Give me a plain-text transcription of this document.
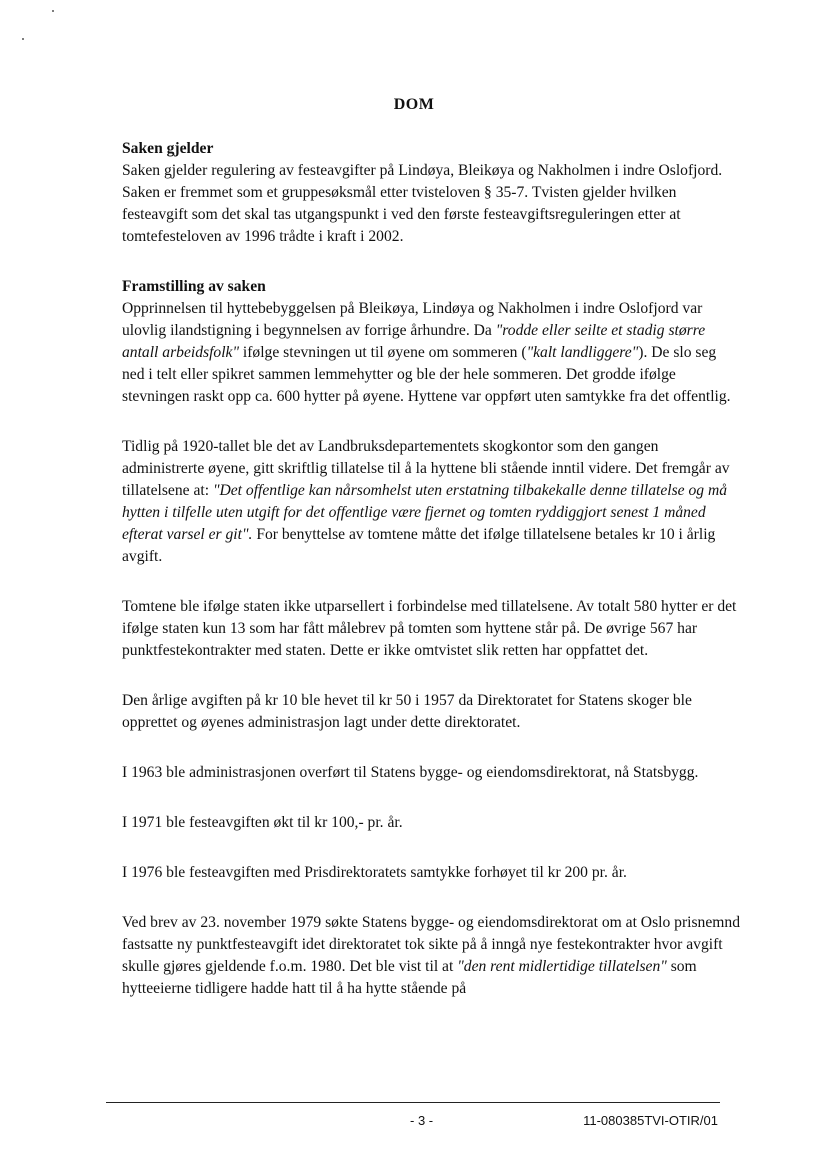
DOM

Saken gjelder

Saken gjelder regulering av festeavgifter på Lindøya, Bleikøya og Nakholmen i indre Oslofjord. Saken er fremmet som et gruppesøksmål etter tvisteloven § 35-7. Tvisten gjelder hvilken festeavgift som det skal tas utgangspunkt i ved den første festeavgiftsreguleringen etter at tomtefesteloven av 1996 trådte i kraft i 2002.

Framstilling av saken

Opprinnelsen til hyttebebyggelsen på Bleikøya, Lindøya og Nakholmen i indre Oslofjord var ulovlig ilandstigning i begynnelsen av forrige århundre. Da "rodde eller seilte et stadig større antall arbeidsfolk" ifølge stevningen ut til øyene om sommeren ("kalt landliggere"). De slo seg ned i telt eller spikret sammen lemmehytter og ble der hele sommeren. Det grodde ifølge stevningen raskt opp ca. 600 hytter på øyene. Hyttene var oppført uten samtykke fra det offentlig.

Tidlig på 1920-tallet ble det av Landbruksdepartementets skogkontor som den gangen administrerte øyene, gitt skriftlig tillatelse til å la hyttene bli stående inntil videre. Det fremgår av tillatelsene at: "Det offentlige kan nårsomhelst uten erstatning tilbakekalle denne tillatelse og må hytten i tilfelle uten utgift for det offentlige være fjernet og tomten ryddiggjort senest 1 måned efterat varsel er git". For benyttelse av tomtene måtte det ifølge tillatelsene betales kr 10 i årlig avgift.

Tomtene ble ifølge staten ikke utparsellert i forbindelse med tillatelsene. Av totalt 580 hytter er det ifølge staten kun 13 som har fått målebrev på tomten som hyttene står på. De øvrige 567 har punktfestekontrakter med staten. Dette er ikke omtvistet slik retten har oppfattet det.

Den årlige avgiften på kr 10 ble hevet til kr 50 i 1957 da Direktoratet for Statens skoger ble opprettet og øyenes administrasjon lagt under dette direktoratet.

I 1963 ble administrasjonen overført til Statens bygge- og eiendomsdirektorat, nå Statsbygg.

I 1971 ble festeavgiften økt til kr 100,- pr. år.

I 1976 ble festeavgiften med Prisdirektoratets samtykke forhøyet til kr 200 pr. år.

Ved brev av 23. november 1979 søkte Statens bygge- og eiendomsdirektorat om at Oslo prisnemnd fastsatte ny punktfesteavgift idet direktoratet tok sikte på å inngå nye festekontrakter hvor avgift skulle gjøres gjeldende f.o.m. 1980. Det ble vist til at "den rent midlertidige tillatelsen" som hytteeierne tidligere hadde hatt til å ha hytte stående på

- 3 -	11-080385TVI-OTIR/01
